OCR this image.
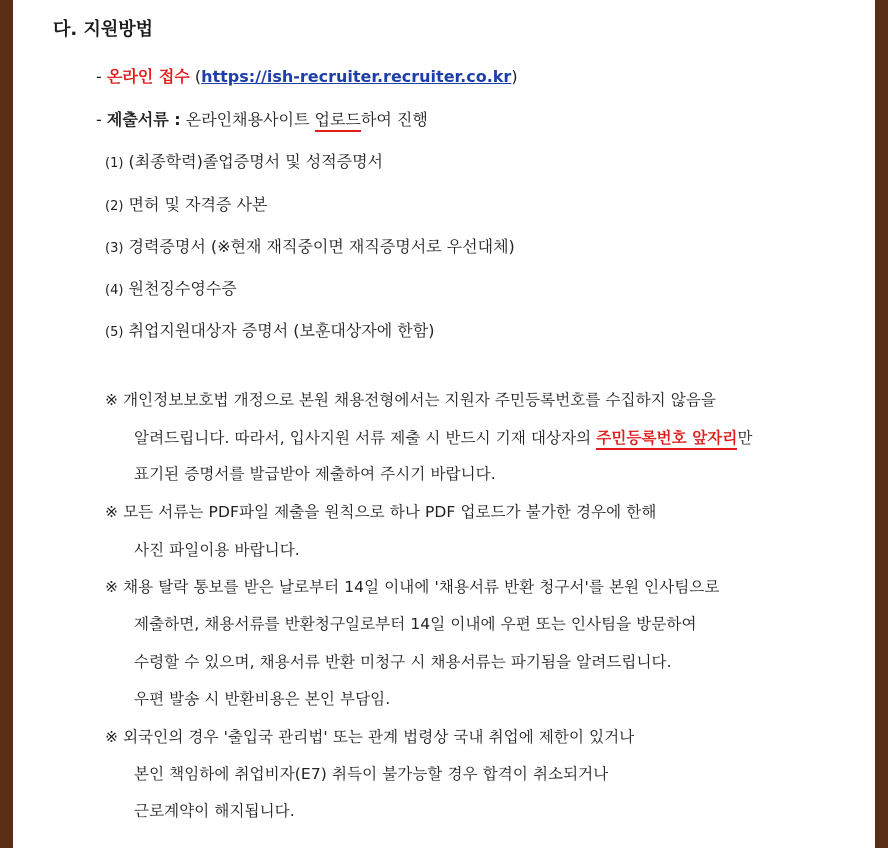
다. 지원방법
- 온라인 접수 (https://ish-recruiter.recruiter.co.kr)
- 제출서류 : 온라인채용사이트 업로드하여 진행
(1) (최종학력)졸업증명서 및 성적증명서
(2) 면허 및 자격증 사본
(3) 경력증명서 (※현재 재직중이면 재직증명서로 우선대체)
(4) 원천징수영수증
(5) 취업지원대상자 증명서 (보훈대상자에 한함)
※ 개인정보보호법 개정으로 본원 채용전형에서는 지원자 주민등록번호를 수집하지 않음을
알려드립니다. 따라서, 입사지원 서류 제출 시 반드시 기재 대상자의 주민등록번호 앞자리만
표기된 증명서를 발급받아 제출하여 주시기 바랍니다.
※ 모든 서류는 PDF파일 제출을 원칙으로 하나 PDF 업로드가 불가한 경우에 한해
사진 파일이용 바랍니다.
※ 채용 탈락 통보를 받은 날로부터 14일 이내에 '채용서류 반환 청구서'를 본원 인사팀으로
제출하면, 채용서류를 반환청구일로부터 14일 이내에 우편 또는 인사팀을 방문하여
수령할 수 있으며, 채용서류 반환 미청구 시 채용서류는 파기됨을 알려드립니다.
우편 발송 시 반환비용은 본인 부담임.
※ 외국인의 경우 '출입국 관리법' 또는 관계 법령상 국내 취업에 제한이 있거나
본인 책임하에 취업비자(E7) 취득이 불가능할 경우 합격이 취소되거나
근로계약이 해지됩니다.
